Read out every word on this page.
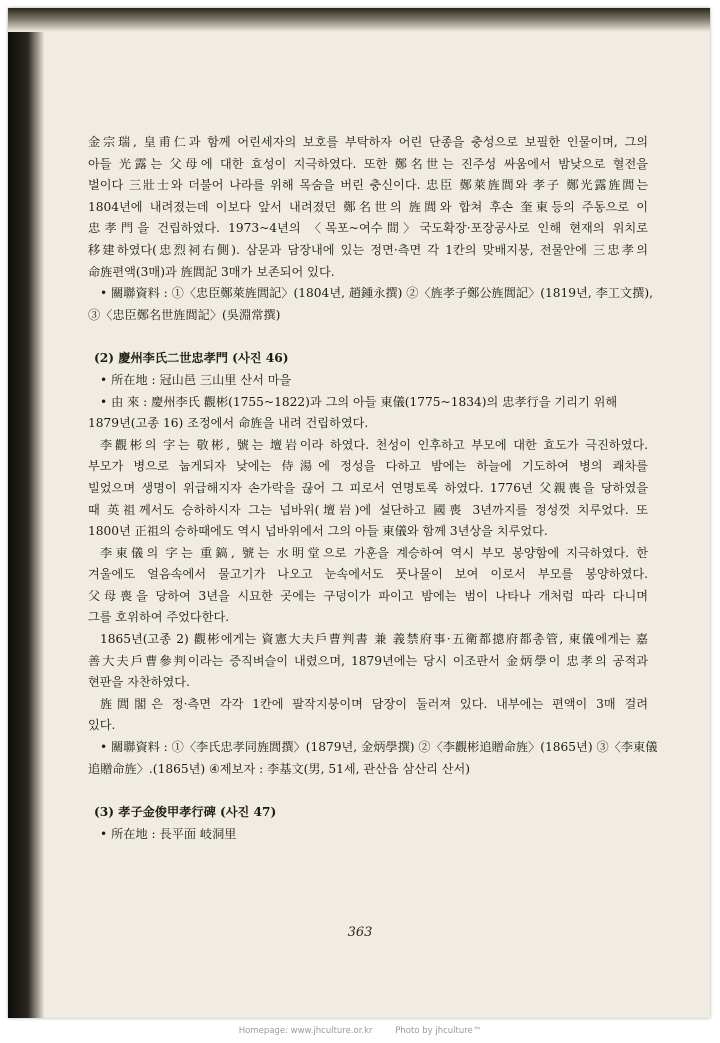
金宗瑞, 皇甫仁과 함께 어린세자의 보호를 부탁하자 어린 단종을 충성으로 보필한 인물이며, 그의
아들 光露는 父母에 대한 효성이 지극하였다. 또한 鄭名世는 진주성 싸움에서 밤낮으로 혈전을
벌이다 三壯士와 더불어 나라를 위해 목숨을 버린 충신이다. 忠臣 鄭萊旌閭와 孝子 鄭光露旌閭는
1804년에 내려졌는데 이보다 앞서 내려졌던 鄭名世의 旌閭와 합쳐 후손 奎東등의 주동으로 이
忠孝門을 건립하였다. 1973~4년의 〈목포~여수間〉국도확장·포장공사로 인해 현재의 위치로
移建하였다(忠烈祠右側). 삼문과 담장내에 있는 정면·측면 각 1칸의 맞배지붕, 전물안에 三忠孝의
命旌편액(3매)과 旌閭記 3매가 보존되어 있다.
• 關聯資料 : ①〈忠臣鄭萊旌閭記〉(1804년, 趙鍾永撰) ②〈旌孝子鄭公旌閭記〉(1819년, 李工文撰),
③〈忠臣鄭名世旌閭記〉(吳淵常撰)
(2) 慶州李氏二世忠孝門 (사진 46)
• 所在地 : 冠山邑 三山里 산서 마을
• 由 來 : 慶州李氏 觀彬(1755~1822)과 그의 아들 東儀(1775~1834)의 忠孝行을 기리기 위해
1879년(고종 16) 조정에서 命旌을 내려 건립하였다.
李觀彬의 字는 敬彬, 號는 壇岩이라 하였다. 천성이 인후하고 부모에 대한 효도가 극진하였다.
부모가 병으로 눕게되자 낮에는 侍湯에 정성을 다하고 밤에는 하늘에 기도하여 병의 쾌차를
빌었으며 생명이 위급해지자 손가락을 끊어 그 피로서 연명토록 하였다. 1776년 父親喪을 당하였을
때 英祖께서도 승하하시자 그는 넙바위(壇岩)에 설단하고 國喪 3년까지를 정성껏 치루었다. 또
1800년 正祖의 승하때에도 역시 넙바위에서 그의 아들 東儀와 함께 3년상을 치루었다.
李東儀의 字는 重鎬, 號는 水明堂으로 가훈을 계승하여 역시 부모 봉양함에 지극하였다. 한
겨울에도 얼음속에서 물고기가 나오고 눈속에서도 풋나물이 보여 이로서 부모를 봉양하였다.
父母喪을 당하여 3년을 시묘한 곳에는 구덩이가 파이고 밤에는 범이 나타나 개처럼 따라 다니며
그를 호위하여 주었다한다.
1865년(고종 2) 觀彬에게는 資憲大夫戶曹判書 兼 義禁府事·五衛都摠府都총管, 東儀에게는 嘉
善大夫戶曹參判이라는 증직벼슬이 내렸으며, 1879년에는 당시 이조판서 金炳學이 忠孝의 공적과
현판을 자찬하였다.
旌閭閣은 정·측면 각각 1칸에 팔작지붕이며 담장이 둘러져 있다. 내부에는 편액이 3매 걸려
있다.
• 關聯資料 : ①〈李氏忠孝同旌閭撰〉(1879년, 金炳學撰) ②〈李觀彬追贈命旌〉(1865년) ③〈李東儀
追贈命旌〉.(1865년) ④제보자 : 李基文(男, 51세, 관산읍 삼산리 산서)
(3) 孝子金俊甲孝行碑 (사진 47)
• 所在地 : 長平面 岐洞里
363
Homepage: www.jhculture.or.kr	Photo by jhculture™
